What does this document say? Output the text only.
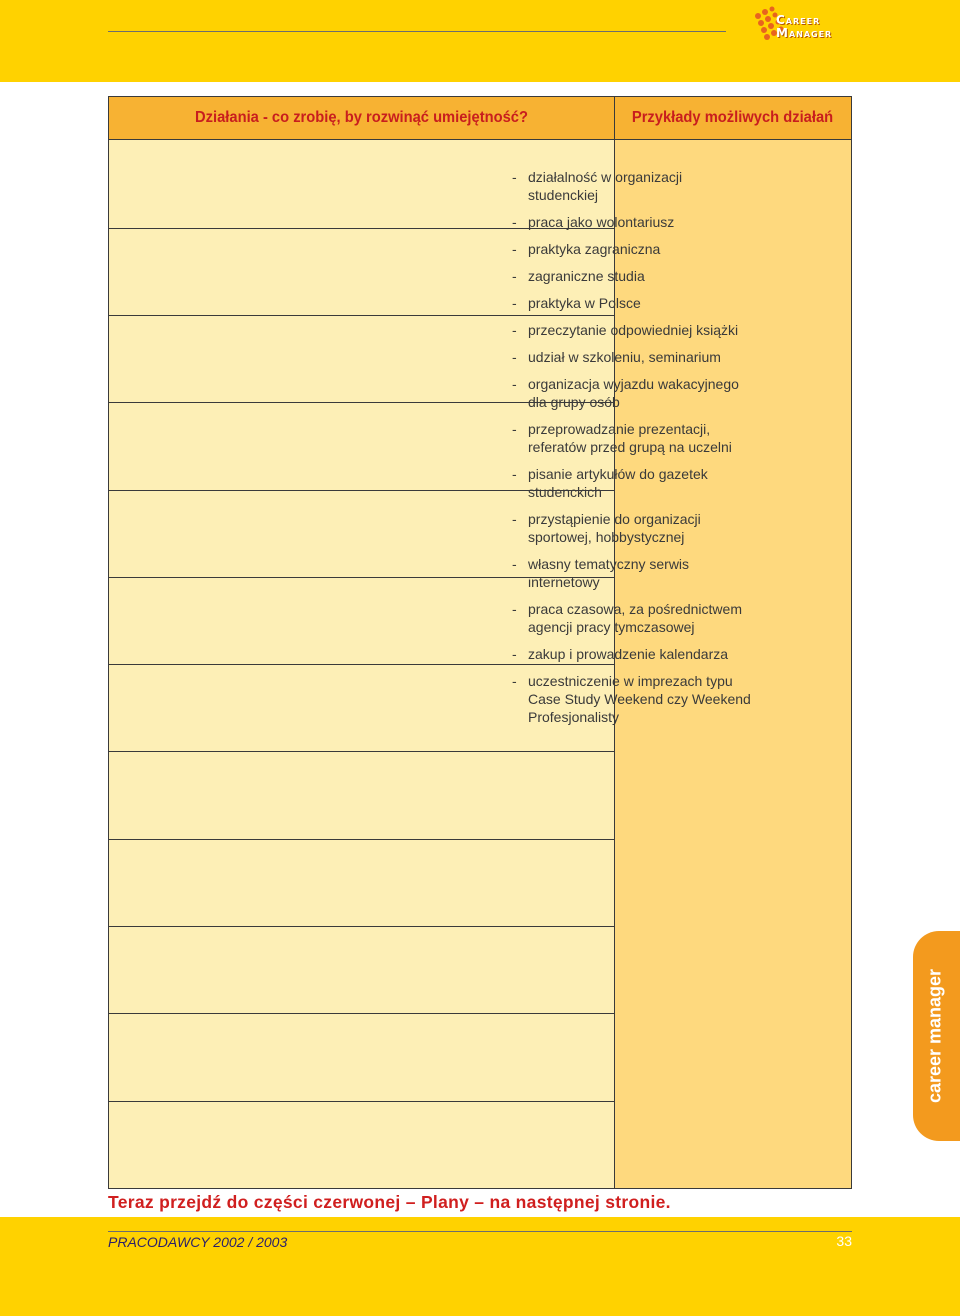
Career
Manager
Działania - co zrobię, by rozwinąć umiejętność?	Przykłady możliwych działań
- działalność w organizacji studenckiej
- praca jako wolontariusz
- praktyka zagraniczna
- zagraniczne studia
- praktyka w Polsce
- przeczytanie odpowiedniej książki
- udział w szkoleniu, seminarium
- organizacja wyjazdu wakacyjnego dla grupy osób
- przeprowadzanie prezentacji, referatów przed grupą na uczelni
- pisanie artykułów do gazetek studenckich
- przystąpienie do organizacji sportowej, hobbystycznej
- własny tematyczny serwis internetowy
- praca czasowa, za pośrednictwem agencji pracy tymczasowej
- zakup i prowadzenie kalendarza
- uczestniczenie w imprezach typu Case Study Weekend czy Weekend Profesjonalisty
Teraz przejdź do części czerwonej – Plany – na następnej stronie.
PRACODAWCY 2002 / 2003	33
career manager
